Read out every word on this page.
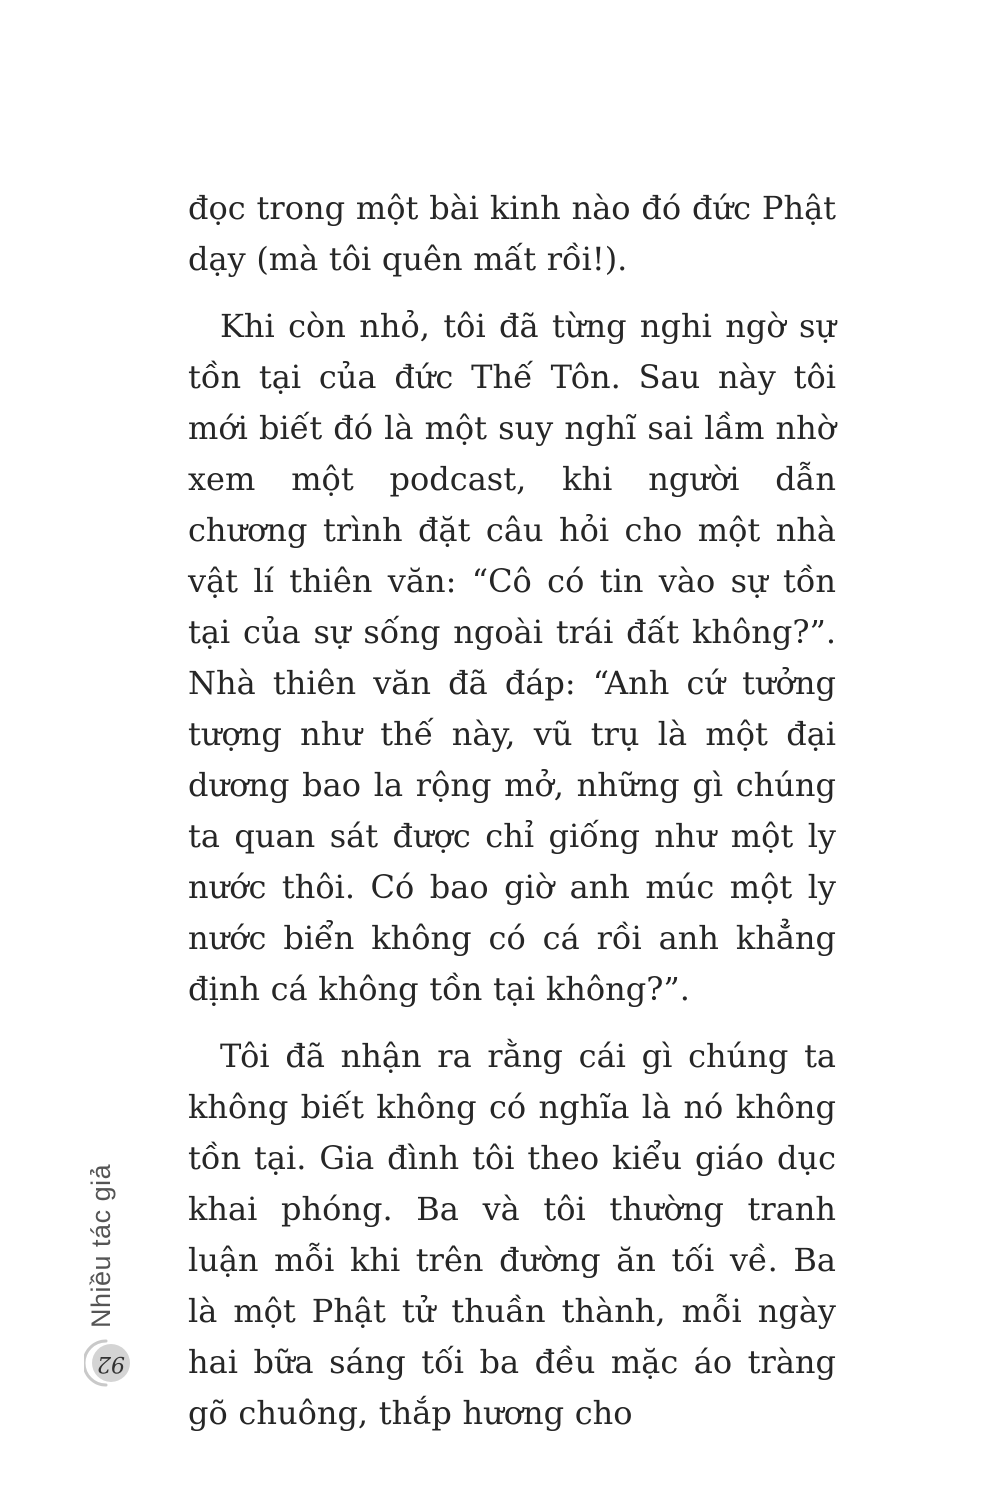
đọc trong một bài kinh nào đó đức Phật dạy (mà tôi quên mất rồi!).

Khi còn nhỏ, tôi đã từng nghi ngờ sự tồn tại của đức Thế Tôn. Sau này tôi mới biết đó là một suy nghĩ sai lầm nhờ xem một podcast, khi người dẫn chương trình đặt câu hỏi cho một nhà vật lí thiên văn: “Cô có tin vào sự tồn tại của sự sống ngoài trái đất không?”. Nhà thiên văn đã đáp: “Anh cứ tưởng tượng như thế này, vũ trụ là một đại dương bao la rộng mở, những gì chúng ta quan sát được chỉ giống như một ly nước thôi. Có bao giờ anh múc một ly nước biển không có cá rồi anh khẳng định cá không tồn tại không?”.

Tôi đã nhận ra rằng cái gì chúng ta không biết không có nghĩa là nó không tồn tại. Gia đình tôi theo kiểu giáo dục khai phóng. Ba và tôi thường tranh luận mỗi khi trên đường ăn tối về. Ba là một Phật tử thuần thành, mỗi ngày hai bữa sáng tối ba đều mặc áo tràng gõ chuông, thắp hương cho

Nhiều tác giả
92
